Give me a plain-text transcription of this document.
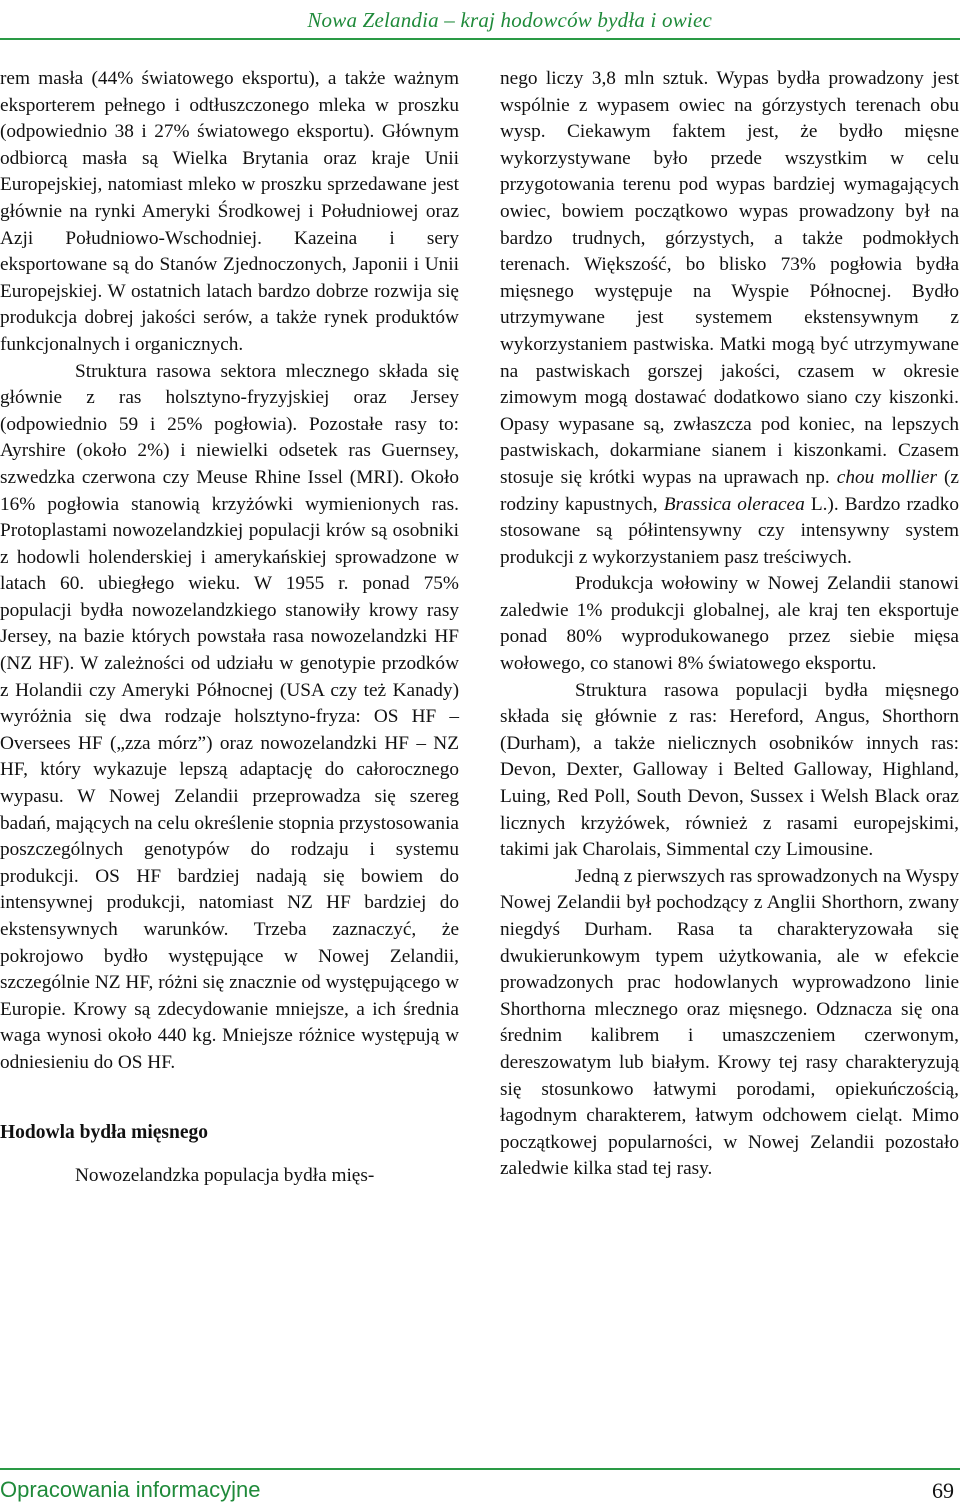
Nowa Zelandia – kraj hodowców bydła i owiec

rem masła (44% światowego eksportu), a także ważnym eksporterem pełnego i odtłuszczonego mleka w proszku (odpowiednio 38 i 27% światowego eksportu). Głównym odbiorcą masła są Wielka Brytania oraz kraje Unii Europejskiej, natomiast mleko w proszku sprzedawane jest głównie na rynki Ameryki Środkowej i Południowej oraz Azji Południowo-Wschodniej. Kazeina i sery eksportowane są do Stanów Zjednoczonych, Japonii i Unii Europejskiej. W ostatnich latach bardzo dobrze rozwija się produkcja dobrej jakości serów, a także rynek produktów funkcjonalnych i organicznych.

Struktura rasowa sektora mlecznego składa się głównie z ras holsztyno-fryzyjskiej oraz Jersey (odpowiednio 59 i 25% pogłowia). Pozostałe rasy to: Ayrshire (około 2%) i niewielki odsetek ras Guernsey, szwedzka czerwona czy Meuse Rhine Issel (MRI). Około 16% pogłowia stanowią krzyżówki wymienionych ras. Protoplastami nowozelandzkiej populacji krów są osobniki z hodowli holenderskiej i amerykańskiej sprowadzone w latach 60. ubiegłego wieku. W 1955 r. ponad 75% populacji bydła nowozelandzkiego stanowiły krowy rasy Jersey, na bazie których powstała rasa nowozelandzki HF (NZ HF). W zależności od udziału w genotypie przodków z Holandii czy Ameryki Północnej (USA czy też Kanady) wyróżnia się dwa rodzaje holsztyno-fryza: OS HF – Oversees HF („zza mórz”) oraz nowozelandzki HF – NZ HF, który wykazuje lepszą adaptację do całorocznego wypasu. W Nowej Zelandii przeprowadza się szereg badań, mających na celu określenie stopnia przystosowania poszczególnych genotypów do rodzaju i systemu produkcji. OS HF bardziej nadają się bowiem do intensywnej produkcji, natomiast NZ HF bardziej do ekstensywnych warunków. Trzeba zaznaczyć, że pokrojowo bydło występujące w Nowej Zelandii, szczególnie NZ HF, różni się znacznie od występującego w Europie. Krowy są zdecydowanie mniejsze, a ich średnia waga wynosi około 440 kg. Mniejsze różnice występują w odniesieniu do OS HF.

Hodowla bydła mięsnego

Nowozelandzka populacja bydła mięs-

nego liczy 3,8 mln sztuk. Wypas bydła prowadzony jest wspólnie z wypasem owiec na górzystych terenach obu wysp. Ciekawym faktem jest, że bydło mięsne wykorzystywane było przede wszystkim w celu przygotowania terenu pod wypas bardziej wymagających owiec, bowiem początkowo wypas prowadzony był na bardzo trudnych, górzystych, a także podmokłych terenach. Większość, bo blisko 73% pogłowia bydła mięsnego występuje na Wyspie Północnej. Bydło utrzymywane jest systemem ekstensywnym z wykorzystaniem pastwiska. Matki mogą być utrzymywane na pastwiskach gorszej jakości, czasem w okresie zimowym mogą dostawać dodatkowo siano czy kiszonki. Opasy wypasane są, zwłaszcza pod koniec, na lepszych pastwiskach, dokarmiane sianem i kiszonkami. Czasem stosuje się krótki wypas na uprawach np. chou mollier (z rodziny kapustnych, Brassica oleracea L.). Bardzo rzadko stosowane są półintensywny czy intensywny system produkcji z wykorzystaniem pasz treściwych.

Produkcja wołowiny w Nowej Zelandii stanowi zaledwie 1% produkcji globalnej, ale kraj ten eksportuje ponad 80% wyprodukowanego przez siebie mięsa wołowego, co stanowi 8% światowego eksportu.

Struktura rasowa populacji bydła mięsnego składa się głównie z ras: Hereford, Angus, Shorthorn (Durham), a także nielicznych osobników innych ras: Devon, Dexter, Galloway i Belted Galloway, Highland, Luing, Red Poll, South Devon, Sussex i Welsh Black oraz licznych krzyżówek, również z rasami europejskimi, takimi jak Charolais, Simmental czy Limousine.

Jedną z pierwszych ras sprowadzonych na Wyspy Nowej Zelandii był pochodzący z Anglii Shorthorn, zwany niegdyś Durham. Rasa ta charakteryzowała się dwukierunkowym typem użytkowania, ale w efekcie prowadzonych prac hodowlanych wyprowadzono linie Shorthorna mlecznego oraz mięsnego. Odznacza się ona średnim kalibrem i umaszczeniem czerwonym, dereszowatym lub białym. Krowy tej rasy charakteryzują się stosunkowo łatwymi porodami, opiekuńczością, łagodnym charakterem, łatwym odchowem cieląt. Mimo początkowej popularności, w Nowej Zelandii pozostało zaledwie kilka stad tej rasy.

Opracowania informacyjne	69
